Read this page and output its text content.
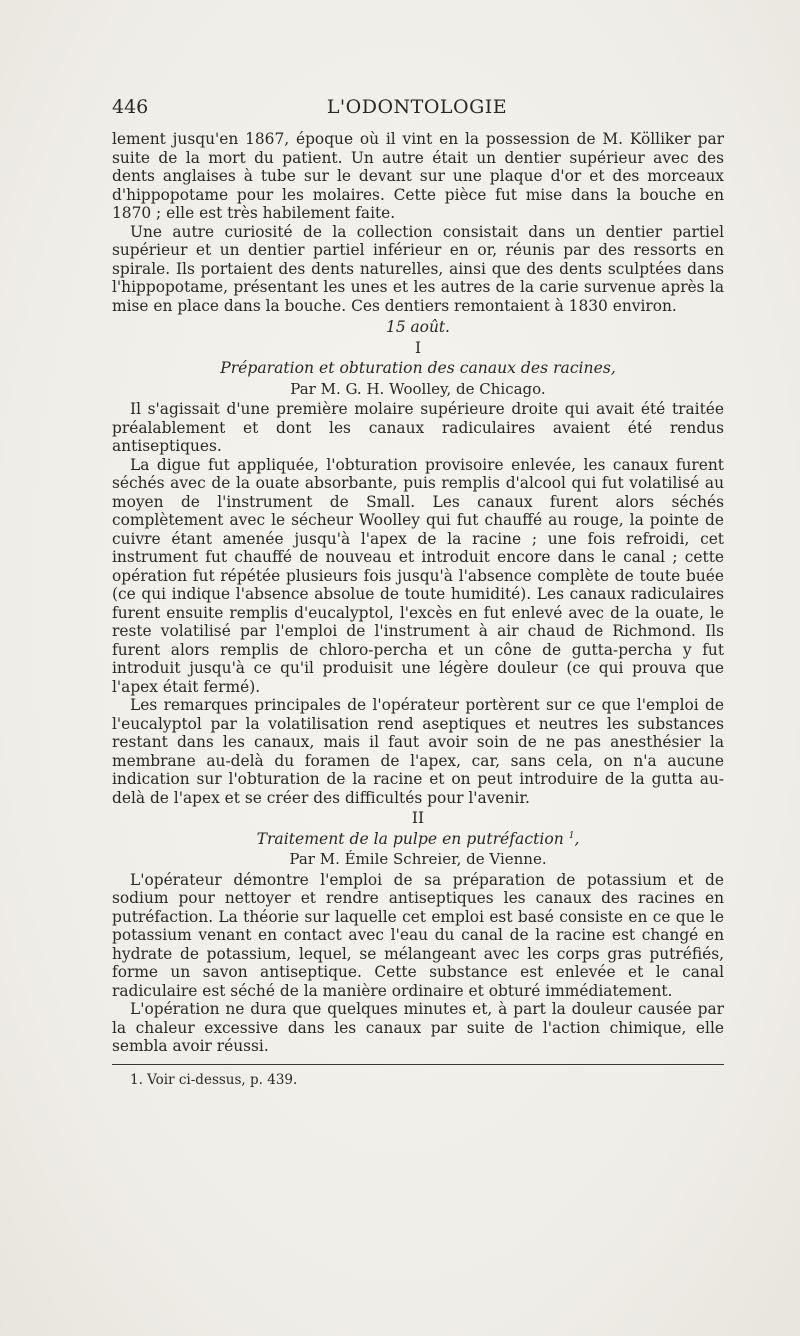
446	L'ODONTOLOGIE

lement jusqu'en 1867, époque où il vint en la possession de M. Kölliker par suite de la mort du patient. Un autre était un dentier supérieur avec des dents anglaises à tube sur le devant sur une plaque d'or et des morceaux d'hippopotame pour les molaires. Cette pièce fut mise dans la bouche en 1870 ; elle est très habilement faite.

Une autre curiosité de la collection consistait dans un dentier partiel supérieur et un dentier partiel inférieur en or, réunis par des ressorts en spirale. Ils portaient des dents naturelles, ainsi que des dents sculptées dans l'hippopotame, présentant les unes et les autres de la carie survenue après la mise en place dans la bouche. Ces dentiers remontaient à 1830 environ.

15 août.
I
Préparation et obturation des canaux des racines,
Par M. G. H. Woolley, de Chicago.

Il s'agissait d'une première molaire supérieure droite qui avait été traitée préalablement et dont les canaux radiculaires avaient été rendus antiseptiques.

La digue fut appliquée, l'obturation provisoire enlevée, les canaux furent séchés avec de la ouate absorbante, puis remplis d'alcool qui fut volatilisé au moyen de l'instrument de Small. Les canaux furent alors séchés complètement avec le sécheur Woolley qui fut chauffé au rouge, la pointe de cuivre étant amenée jusqu'à l'apex de la racine ; une fois refroidi, cet instrument fut chauffé de nouveau et introduit encore dans le canal ; cette opération fut répétée plusieurs fois jusqu'à l'absence complète de toute buée (ce qui indique l'absence absolue de toute humidité). Les canaux radiculaires furent ensuite remplis d'eucalyptol, l'excès en fut enlevé avec de la ouate, le reste volatilisé par l'emploi de l'instrument à air chaud de Richmond. Ils furent alors remplis de chloro-percha et un cône de gutta-percha y fut introduit jusqu'à ce qu'il produisit une légère douleur (ce qui prouva que l'apex était fermé).

Les remarques principales de l'opérateur portèrent sur ce que l'emploi de l'eucalyptol par la volatilisation rend aseptiques et neutres les substances restant dans les canaux, mais il faut avoir soin de ne pas anesthésier la membrane au-delà du foramen de l'apex, car, sans cela, on n'a aucune indication sur l'obturation de la racine et on peut introduire de la gutta au-delà de l'apex et se créer des difficultés pour l'avenir.

II
Traitement de la pulpe en putréfaction $^1$,
Par M. Émile Schreier, de Vienne.

L'opérateur démontre l'emploi de sa préparation de potassium et de sodium pour nettoyer et rendre antiseptiques les canaux des racines en putréfaction. La théorie sur laquelle cet emploi est basé consiste en ce que le potassium venant en contact avec l'eau du canal de la racine est changé en hydrate de potassium, lequel, se mélangeant avec les corps gras putréfiés, forme un savon antiseptique. Cette substance est enlevée et le canal radiculaire est séché de la manière ordinaire et obturé immédiatement.

L'opération ne dura que quelques minutes et, à part la douleur causée par la chaleur excessive dans les canaux par suite de l'action chimique, elle sembla avoir réussi.

1. Voir ci-dessus, p. 439.
